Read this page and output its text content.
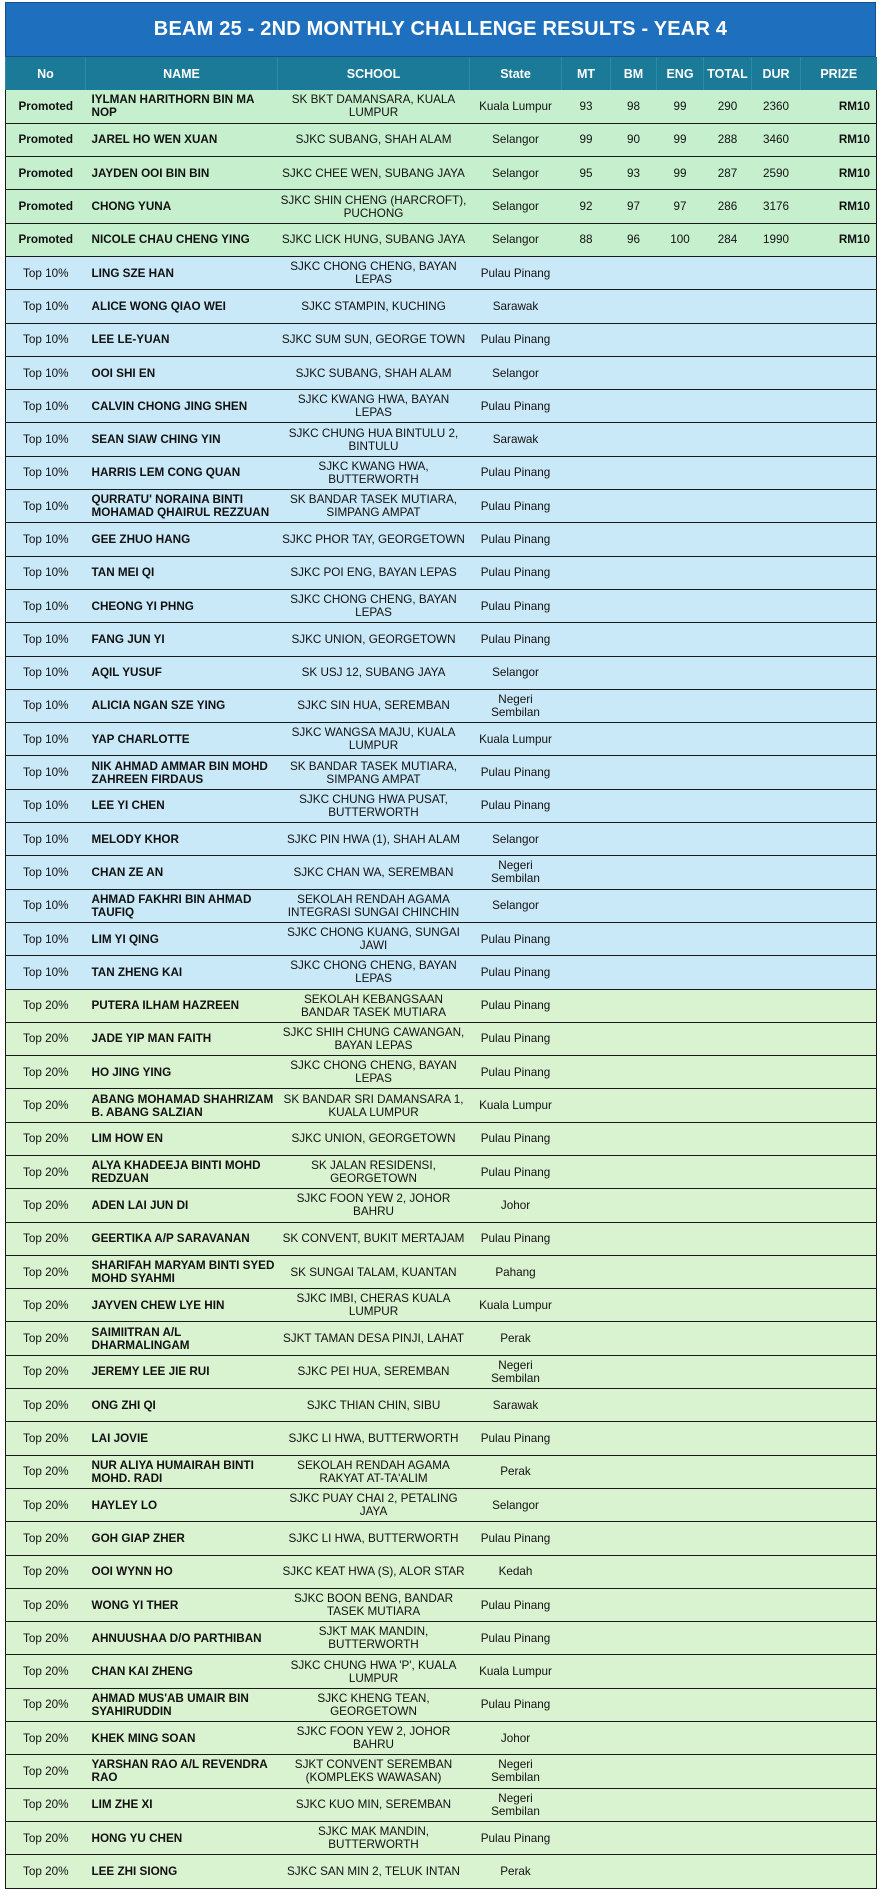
BEAM 25 - 2ND MONTHLY CHALLENGE RESULTS - YEAR 4
No	NAME	SCHOOL	State	MT	BM	ENG	TOTAL	DUR	PRIZE
Promoted	IYLMAN HARITHORN BIN MA NOP	SK BKT DAMANSARA, KUALA LUMPUR	Kuala Lumpur	93	98	99	290	2360	RM10
Promoted	JAREL HO WEN XUAN	SJKC SUBANG, SHAH ALAM	Selangor	99	90	99	288	3460	RM10
Promoted	JAYDEN OOI BIN BIN	SJKC CHEE WEN, SUBANG JAYA	Selangor	95	93	99	287	2590	RM10
Promoted	CHONG YUNA	SJKC SHIN CHENG (HARCROFT), PUCHONG	Selangor	92	97	97	286	3176	RM10
Promoted	NICOLE CHAU CHENG YING	SJKC LICK HUNG, SUBANG JAYA	Selangor	88	96	100	284	1990	RM10
Top 10%	LING SZE HAN	SJKC CHONG CHENG, BAYAN LEPAS	Pulau Pinang						
Top 10%	ALICE WONG QIAO WEI	SJKC STAMPIN, KUCHING	Sarawak						
Top 10%	LEE LE-YUAN	SJKC SUM SUN, GEORGE TOWN	Pulau Pinang						
Top 10%	OOI SHI EN	SJKC SUBANG, SHAH ALAM	Selangor						
Top 10%	CALVIN CHONG JING SHEN	SJKC KWANG HWA, BAYAN LEPAS	Pulau Pinang						
Top 10%	SEAN SIAW CHING YIN	SJKC CHUNG HUA BINTULU 2, BINTULU	Sarawak						
Top 10%	HARRIS LEM CONG QUAN	SJKC KWANG HWA, BUTTERWORTH	Pulau Pinang						
Top 10%	QURRATU' NORAINA BINTI MOHAMAD QHAIRUL REZZUAN	SK BANDAR TASEK MUTIARA, SIMPANG AMPAT	Pulau Pinang						
Top 10%	GEE ZHUO HANG	SJKC PHOR TAY, GEORGETOWN	Pulau Pinang						
Top 10%	TAN MEI QI	SJKC POI ENG, BAYAN LEPAS	Pulau Pinang						
Top 10%	CHEONG YI PHNG	SJKC CHONG CHENG, BAYAN LEPAS	Pulau Pinang						
Top 10%	FANG JUN YI	SJKC UNION, GEORGETOWN	Pulau Pinang						
Top 10%	AQIL YUSUF	SK USJ 12, SUBANG JAYA	Selangor						
Top 10%	ALICIA NGAN SZE YING	SJKC SIN HUA, SEREMBAN	Negeri Sembilan						
Top 10%	YAP CHARLOTTE	SJKC WANGSA MAJU, KUALA LUMPUR	Kuala Lumpur						
Top 10%	NIK AHMAD AMMAR BIN MOHD ZAHREEN FIRDAUS	SK BANDAR TASEK MUTIARA, SIMPANG AMPAT	Pulau Pinang						
Top 10%	LEE YI CHEN	SJKC CHUNG HWA PUSAT, BUTTERWORTH	Pulau Pinang						
Top 10%	MELODY KHOR	SJKC PIN HWA (1), SHAH ALAM	Selangor						
Top 10%	CHAN ZE AN	SJKC CHAN WA, SEREMBAN	Negeri Sembilan						
Top 10%	AHMAD FAKHRI BIN AHMAD TAUFIQ	SEKOLAH RENDAH AGAMA INTEGRASI SUNGAI CHINCHIN	Selangor						
Top 10%	LIM YI QING	SJKC CHONG KUANG, SUNGAI JAWI	Pulau Pinang						
Top 10%	TAN ZHENG KAI	SJKC CHONG CHENG, BAYAN LEPAS	Pulau Pinang						
Top 20%	PUTERA ILHAM HAZREEN	SEKOLAH KEBANGSAAN BANDAR TASEK MUTIARA	Pulau Pinang						
Top 20%	JADE YIP MAN FAITH	SJKC SHIH CHUNG CAWANGAN, BAYAN LEPAS	Pulau Pinang						
Top 20%	HO JING YING	SJKC CHONG CHENG, BAYAN LEPAS	Pulau Pinang						
Top 20%	ABANG MOHAMAD SHAHRIZAM B. ABANG SALZIAN	SK BANDAR SRI DAMANSARA 1, KUALA LUMPUR	Kuala Lumpur						
Top 20%	LIM HOW EN	SJKC UNION, GEORGETOWN	Pulau Pinang						
Top 20%	ALYA KHADEEJA BINTI MOHD REDZUAN	SK JALAN RESIDENSI, GEORGETOWN	Pulau Pinang						
Top 20%	ADEN LAI JUN DI	SJKC FOON YEW 2, JOHOR BAHRU	Johor						
Top 20%	GEERTIKA A/P SARAVANAN	SK CONVENT, BUKIT MERTAJAM	Pulau Pinang						
Top 20%	SHARIFAH MARYAM BINTI SYED MOHD SYAHMI	SK SUNGAI TALAM, KUANTAN	Pahang						
Top 20%	JAYVEN CHEW LYE HIN	SJKC IMBI, CHERAS KUALA LUMPUR	Kuala Lumpur						
Top 20%	SAIMIITRAN A/L DHARMALINGAM	SJKT TAMAN DESA PINJI, LAHAT	Perak						
Top 20%	JEREMY LEE JIE RUI	SJKC PEI HUA, SEREMBAN	Negeri Sembilan						
Top 20%	ONG ZHI QI	SJKC THIAN CHIN, SIBU	Sarawak						
Top 20%	LAI JOVIE	SJKC LI HWA, BUTTERWORTH	Pulau Pinang						
Top 20%	NUR ALIYA HUMAIRAH BINTI MOHD. RADI	SEKOLAH RENDAH AGAMA RAKYAT AT-TA'ALIM	Perak						
Top 20%	HAYLEY LO	SJKC PUAY CHAI 2, PETALING JAYA	Selangor						
Top 20%	GOH GIAP ZHER	SJKC LI HWA, BUTTERWORTH	Pulau Pinang						
Top 20%	OOI WYNN HO	SJKC KEAT HWA (S), ALOR STAR	Kedah						
Top 20%	WONG YI THER	SJKC BOON BENG, BANDAR TASEK MUTIARA	Pulau Pinang						
Top 20%	AHNUUSHAA D/O PARTHIBAN	SJKT MAK MANDIN, BUTTERWORTH	Pulau Pinang						
Top 20%	CHAN KAI ZHENG	SJKC CHUNG HWA 'P', KUALA LUMPUR	Kuala Lumpur						
Top 20%	AHMAD MUS'AB UMAIR BIN SYAHIRUDDIN	SJKC KHENG TEAN, GEORGETOWN	Pulau Pinang						
Top 20%	KHEK MING SOAN	SJKC FOON YEW 2, JOHOR BAHRU	Johor						
Top 20%	YARSHAN RAO A/L REVENDRA RAO	SJKT CONVENT SEREMBAN (KOMPLEKS WAWASAN)	Negeri Sembilan						
Top 20%	LIM ZHE XI	SJKC KUO MIN, SEREMBAN	Negeri Sembilan						
Top 20%	HONG YU CHEN	SJKC MAK MANDIN, BUTTERWORTH	Pulau Pinang						
Top 20%	LEE ZHI SIONG	SJKC SAN MIN 2, TELUK INTAN	Perak						
